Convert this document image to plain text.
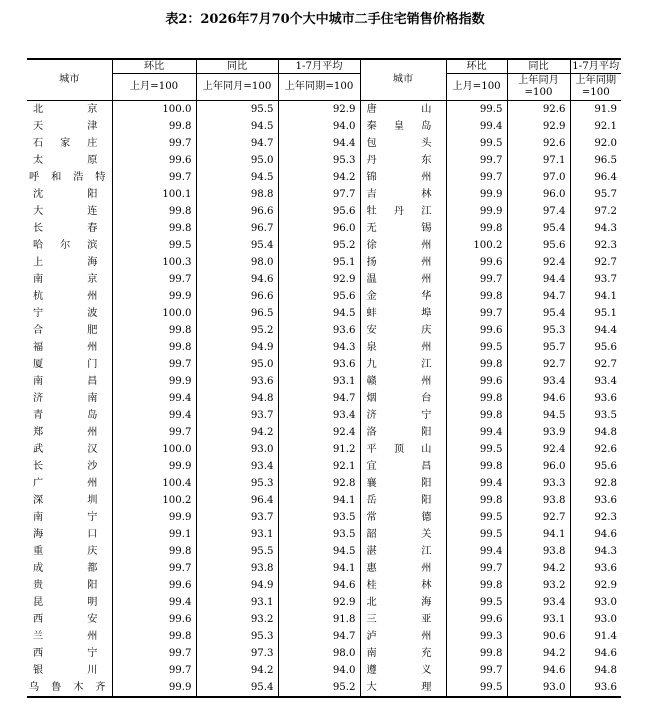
表2：2026年7月70个大中城市二手住宅销售价格指数
城市	环比	同比	1-7月平均	城市	环比	同比	1-7月平均
	上月=100	上年同月=100	上年同期=100		上月=100	上年同月=100	上年同期=100
北　京	100.0	95.5	92.9	唐　山	99.5	92.6	91.9
天　津	99.8	94.5	94.0	秦皇岛	99.4	92.9	92.1
石家庄	99.7	94.7	94.4	包　头	99.5	92.6	92.0
太　原	99.6	95.0	95.3	丹　东	99.7	97.1	96.5
呼和浩特	99.7	94.5	94.2	锦　州	99.7	97.0	96.4
沈　阳	100.1	98.8	97.7	吉　林	99.9	96.0	95.7
大　连	99.8	96.6	95.6	牡丹江	99.9	97.4	97.2
长　春	99.8	96.7	96.0	无　锡	99.8	95.4	94.3
哈尔滨	99.5	95.4	95.2	徐　州	100.2	95.6	92.3
上　海	100.3	98.0	95.1	扬　州	99.6	92.4	92.7
南　京	99.7	94.6	92.9	温　州	99.7	94.4	93.7
杭　州	99.9	96.6	95.6	金　华	99.8	94.7	94.1
宁　波	100.0	96.5	94.5	蚌　埠	99.7	95.4	95.1
合　肥	99.8	95.2	93.6	安　庆	99.6	95.3	94.4
福　州	99.8	94.9	94.3	泉　州	99.5	95.7	95.6
厦　门	99.7	95.0	93.6	九　江	99.8	92.7	92.7
南　昌	99.9	93.6	93.1	赣　州	99.6	93.4	93.4
济　南	99.4	94.8	94.7	烟　台	99.8	94.6	93.6
青　岛	99.4	93.7	93.4	济　宁	99.8	94.5	93.5
郑　州	99.7	94.2	92.4	洛　阳	99.4	93.9	94.8
武　汉	100.0	93.0	91.2	平顶山	99.5	92.4	92.6
长　沙	99.9	93.4	92.1	宜　昌	99.8	96.0	95.6
广　州	100.4	95.3	92.8	襄　阳	99.4	93.3	92.8
深　圳	100.2	96.4	94.1	岳　阳	99.8	93.8	93.6
南　宁	99.9	93.7	93.5	常　德	99.5	92.7	92.3
海　口	99.1	93.1	93.5	韶　关	99.5	94.1	94.6
重　庆	99.8	95.5	94.5	湛　江	99.4	93.8	94.3
成　都	99.7	93.8	94.1	惠　州	99.7	94.2	93.6
贵　阳	99.6	94.9	94.6	桂　林	99.8	93.2	92.9
昆　明	99.4	93.1	92.9	北　海	99.5	93.4	93.0
西　安	99.6	93.2	91.8	三　亚	99.6	93.1	93.0
兰　州	99.8	95.3	94.7	泸　州	99.3	90.6	91.4
西　宁	99.7	97.3	98.0	南　充	99.8	94.2	94.6
银　川	99.7	94.2	94.0	遵　义	99.7	94.6	94.8
乌鲁木齐	99.9	95.4	95.2	大　理	99.5	93.0	93.6
